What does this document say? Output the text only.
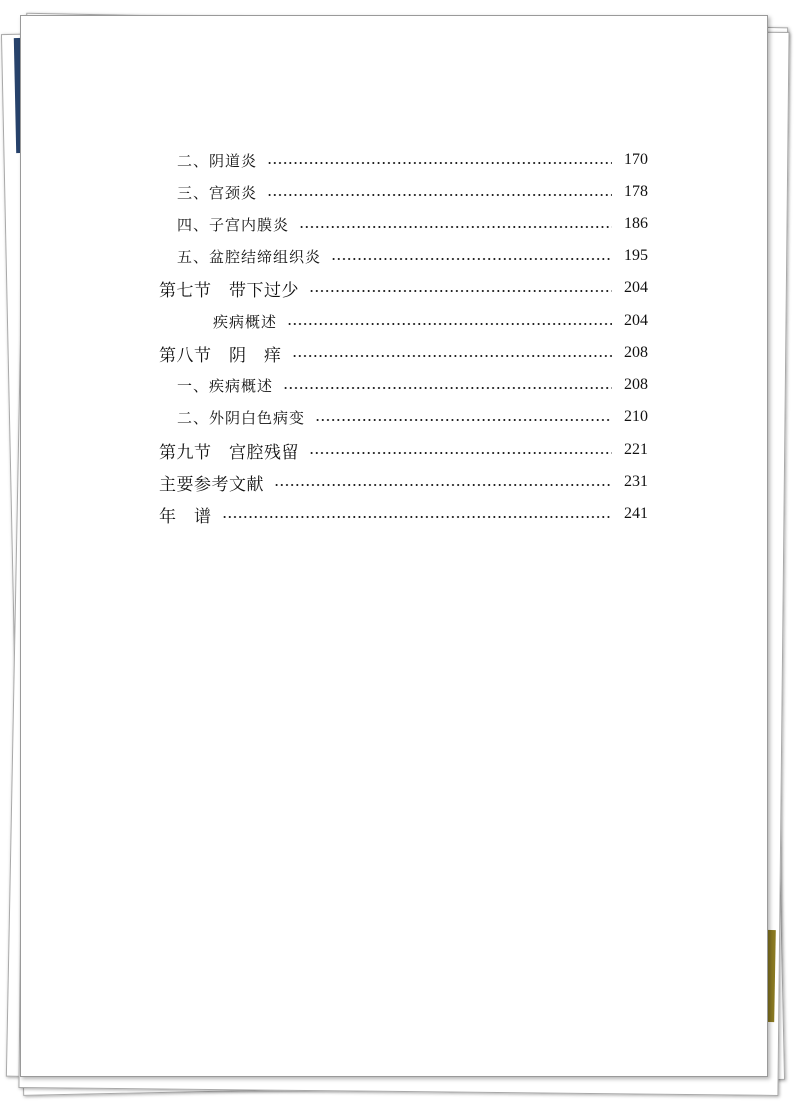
二、阴道炎	170
三、宫颈炎	178
四、子宫内膜炎	186
五、盆腔结缔组织炎	195
第七节　带下过少	204
疾病概述	204
第八节　阴　痒	208
一、疾病概述	208
二、外阴白色病变	210
第九节　宫腔残留	221
主要参考文献	231
年　谱	241
